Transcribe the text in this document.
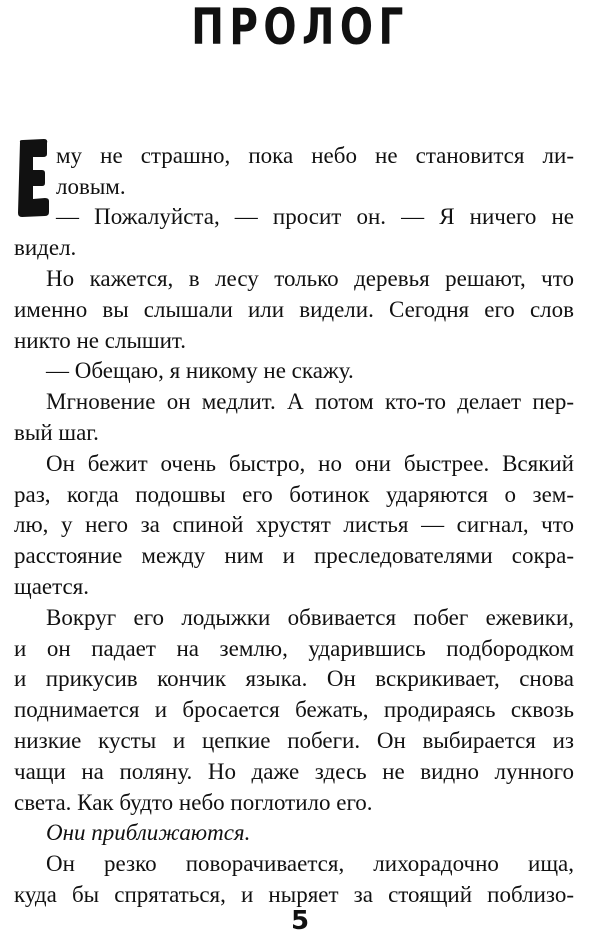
ПРОЛОГ
му не страшно, пока небо не становится ли-
ловым.
— Пожалуйста, — просит он. — Я ничего не
видел.
Но кажется, в лесу только деревья решают, что
именно вы слышали или видели. Сегодня его слов
никто не слышит.
— Обещаю, я никому не скажу.
Мгновение он медлит. А потом кто-то делает пер-
вый шаг.
Он бежит очень быстро, но они быстрее. Всякий
раз, когда подошвы его ботинок ударяются о зем-
лю, у него за спиной хрустят листья — сигнал, что
расстояние между ним и преследователями сокра-
щается.
Вокруг его лодыжки обвивается побег ежевики,
и он падает на землю, ударившись подбородком
и прикусив кончик языка. Он вскрикивает, снова
поднимается и бросается бежать, продираясь сквозь
низкие кусты и цепкие побеги. Он выбирается из
чащи на поляну. Но даже здесь не видно лунного
света. Как будто небо поглотило его.
Они приближаются.
Он резко поворачивается, лихорадочно ища,
куда бы спрятаться, и ныряет за стоящий поблизо-
5
